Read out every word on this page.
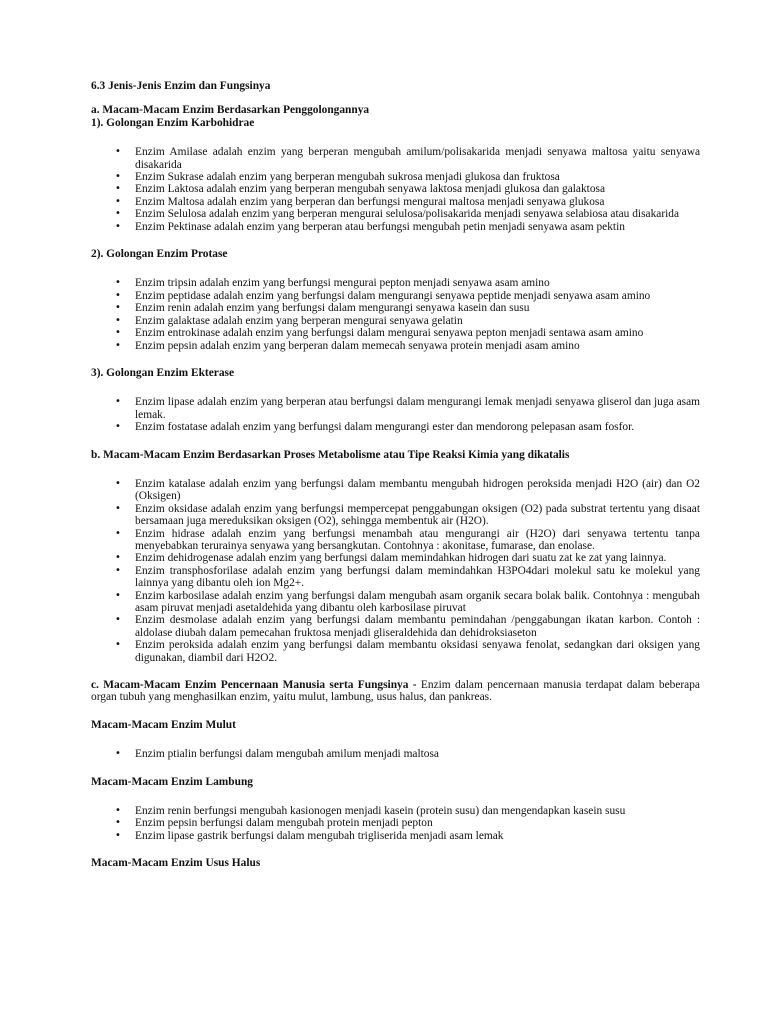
6.3 Jenis-Jenis Enzim dan Fungsinya

a. Macam-Macam Enzim Berdasarkan Penggolongannya

1). Golongan Enzim Karbohidrae

• Enzim Amilase adalah enzim yang berperan mengubah amilum/polisakarida menjadi senyawa maltosa yaitu senyawa disakarida
• Enzim Sukrase adalah enzim yang berperan mengubah sukrosa menjadi glukosa dan fruktosa
• Enzim Laktosa adalah enzim yang berperan mengubah senyawa laktosa menjadi glukosa dan galaktosa
• Enzim Maltosa adalah enzim yang berperan dan berfungsi mengurai maltosa menjadi senyawa glukosa
• Enzim Selulosa adalah enzim yang berperan mengurai selulosa/polisakarida menjadi senyawa selabiosa atau disakarida
• Enzim Pektinase adalah enzim yang berperan atau berfungsi mengubah petin menjadi senyawa asam pektin

2). Golongan Enzim Protase

• Enzim tripsin adalah enzim yang berfungsi mengurai pepton menjadi senyawa asam amino
• Enzim peptidase adalah enzim yang berfungsi dalam mengurangi senyawa peptide menjadi senyawa asam amino
• Enzim renin adalah enzim yang berfungsi dalam mengurangi senyawa kasein dan susu
• Enzim galaktase adalah enzim yang berperan mengurai senyawa gelatin
• Enzim entrokinase adalah enzim yang berfungsi dalam mengurai senyawa pepton menjadi sentawa asam amino
• Enzim pepsin adalah enzim yang berperan dalam memecah senyawa protein menjadi asam amino

3). Golongan Enzim Ekterase

• Enzim lipase adalah enzim yang berperan atau berfungsi dalam mengurangi lemak menjadi senyawa gliserol dan juga asam lemak.
• Enzim fostatase adalah enzim yang berfungsi dalam mengurangi ester dan mendorong pelepasan asam fosfor.

b. Macam-Macam Enzim Berdasarkan Proses Metabolisme atau Tipe Reaksi Kimia yang dikatalis

• Enzim katalase adalah enzim yang berfungsi dalam membantu mengubah hidrogen peroksida menjadi H2O (air) dan O2 (Oksigen)
• Enzim oksidase adalah enzim yang berfungsi mempercepat penggabungan oksigen (O2) pada substrat tertentu yang disaat bersamaan juga mereduksikan oksigen (O2), sehingga membentuk air (H2O).
• Enzim hidrase adalah enzim yang berfungsi menambah atau mengurangi air (H2O) dari senyawa tertentu tanpa menyebabkan terurainya senyawa yang bersangkutan. Contohnya : akonitase, fumarase, dan enolase.
• Enzim dehidrogenase adalah enzim yang berfungsi dalam memindahkan hidrogen dari suatu zat ke zat yang lainnya.
• Enzim transphosforilase adalah enzim yang berfungsi dalam memindahkan H3PO4dari molekul satu ke molekul yang lainnya yang dibantu oleh ion Mg2+.
• Enzim karbosilase adalah enzim yang berfungsi dalam mengubah asam organik secara bolak balik. Contohnya : mengubah asam piruvat menjadi asetaldehida yang dibantu oleh karbosilase piruvat
• Enzim desmolase adalah enzim yang berfungsi dalam membantu pemindahan /penggabungan ikatan karbon. Contoh : aldolase diubah dalam pemecahan fruktosa menjadi gliseraldehida dan dehidroksiaseton
• Enzim peroksida adalah enzim yang berfungsi dalam membantu oksidasi senyawa fenolat, sedangkan dari oksigen yang digunakan, diambil dari H2O2.

c. Macam-Macam Enzim Pencernaan Manusia serta Fungsinya - Enzim dalam pencernaan manusia terdapat dalam beberapa organ tubuh yang menghasilkan enzim, yaitu mulut, lambung, usus halus, dan pankreas.

Macam-Macam Enzim Mulut

• Enzim ptialin berfungsi dalam mengubah amilum menjadi maltosa

Macam-Macam Enzim Lambung

• Enzim renin berfungsi mengubah kasionogen menjadi kasein (protein susu) dan mengendapkan kasein susu
• Enzim pepsin berfungsi dalam mengubah protein menjadi pepton
• Enzim lipase gastrik berfungsi dalam mengubah trigliserida menjadi asam lemak

Macam-Macam Enzim Usus Halus
